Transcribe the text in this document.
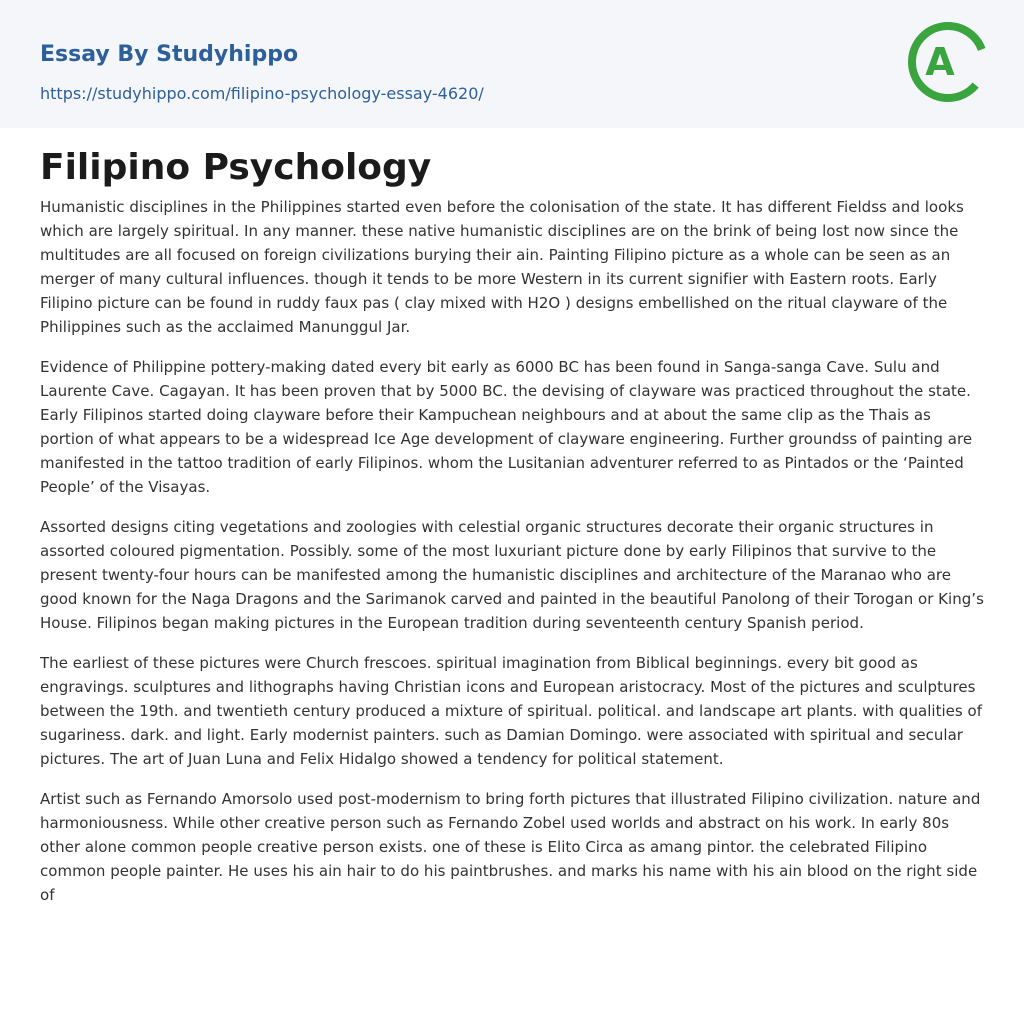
Essay By Studyhippo
https://studyhippo.com/filipino-psychology-essay-4620/
A
Filipino Psychology

Humanistic disciplines in the Philippines started even before the colonisation of the state. It has different Fieldss and looks which are largely spiritual. In any manner. these native humanistic disciplines are on the brink of being lost now since the multitudes are all focused on foreign civilizations burying their ain. Painting Filipino picture as a whole can be seen as an merger of many cultural influences. though it tends to be more Western in its current signifier with Eastern roots. Early Filipino picture can be found in ruddy faux pas ( clay mixed with H2O ) designs embellished on the ritual clayware of the Philippines such as the acclaimed Manunggul Jar.

Evidence of Philippine pottery-making dated every bit early as 6000 BC has been found in Sanga-sanga Cave. Sulu and Laurente Cave. Cagayan. It has been proven that by 5000 BC. the devising of clayware was practiced throughout the state. Early Filipinos started doing clayware before their Kampuchean neighbours and at about the same clip as the Thais as portion of what appears to be a widespread Ice Age development of clayware engineering. Further groundss of painting are manifested in the tattoo tradition of early Filipinos. whom the Lusitanian adventurer referred to as Pintados or the ‘Painted People’ of the Visayas.

Assorted designs citing vegetations and zoologies with celestial organic structures decorate their organic structures in assorted coloured pigmentation. Possibly. some of the most luxuriant picture done by early Filipinos that survive to the present twenty-four hours can be manifested among the humanistic disciplines and architecture of the Maranao who are good known for the Naga Dragons and the Sarimanok carved and painted in the beautiful Panolong of their Torogan or King’s House. Filipinos began making pictures in the European tradition during seventeenth century Spanish period.

The earliest of these pictures were Church frescoes. spiritual imagination from Biblical beginnings. every bit good as engravings. sculptures and lithographs having Christian icons and European aristocracy. Most of the pictures and sculptures between the 19th. and twentieth century produced a mixture of spiritual. political. and landscape art plants. with qualities of sugariness. dark. and light. Early modernist painters. such as Damian Domingo. were associated with spiritual and secular pictures. The art of Juan Luna and Felix Hidalgo showed a tendency for political statement.

Artist such as Fernando Amorsolo used post-modernism to bring forth pictures that illustrated Filipino civilization. nature and harmoniousness. While other creative person such as Fernando Zobel used worlds and abstract on his work. In early 80s other alone common people creative person exists. one of these is Elito Circa as amang pintor. the celebrated Filipino common people painter. He uses his ain hair to do his paintbrushes. and marks his name with his ain blood on the right side of
